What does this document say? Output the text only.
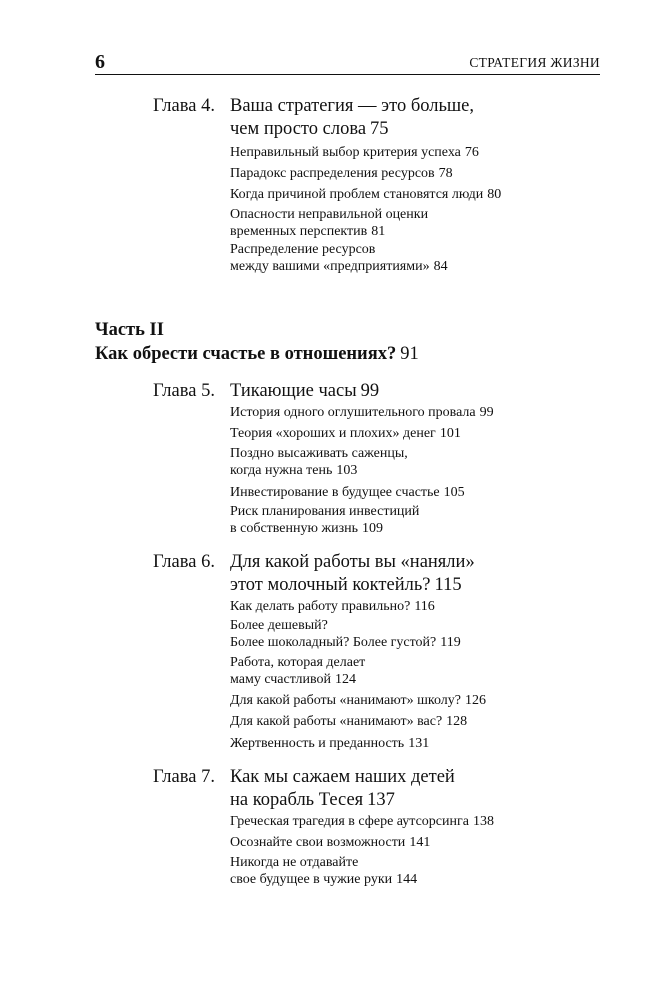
6	СТРАТЕГИЯ ЖИЗНИ
Глава 4. Ваша стратегия — это больше,
чем просто слова 75
Неправильный выбор критерия успеха 76
Парадокс распределения ресурсов 78
Когда причиной проблем становятся люди 80
Опасности неправильной оценки
временных перспектив 81
Распределение ресурсов
между вашими «предприятиями» 84
Часть II
Как обрести счастье в отношениях? 91
Глава 5. Тикающие часы 99
История одного оглушительного провала 99
Теория «хороших и плохих» денег 101
Поздно высаживать саженцы,
когда нужна тень 103
Инвестирование в будущее счастье 105
Риск планирования инвестиций
в собственную жизнь 109
Глава 6. Для какой работы вы «наняли»
этот молочный коктейль? 115
Как делать работу правильно? 116
Более дешевый?
Более шоколадный? Более густой? 119
Работа, которая делает
маму счастливой 124
Для какой работы «нанимают» школу? 126
Для какой работы «нанимают» вас? 128
Жертвенность и преданность 131
Глава 7. Как мы сажаем наших детей
на корабль Тесея 137
Греческая трагедия в сфере аутсорсинга 138
Осознайте свои возможности 141
Никогда не отдавайте
свое будущее в чужие руки 144
